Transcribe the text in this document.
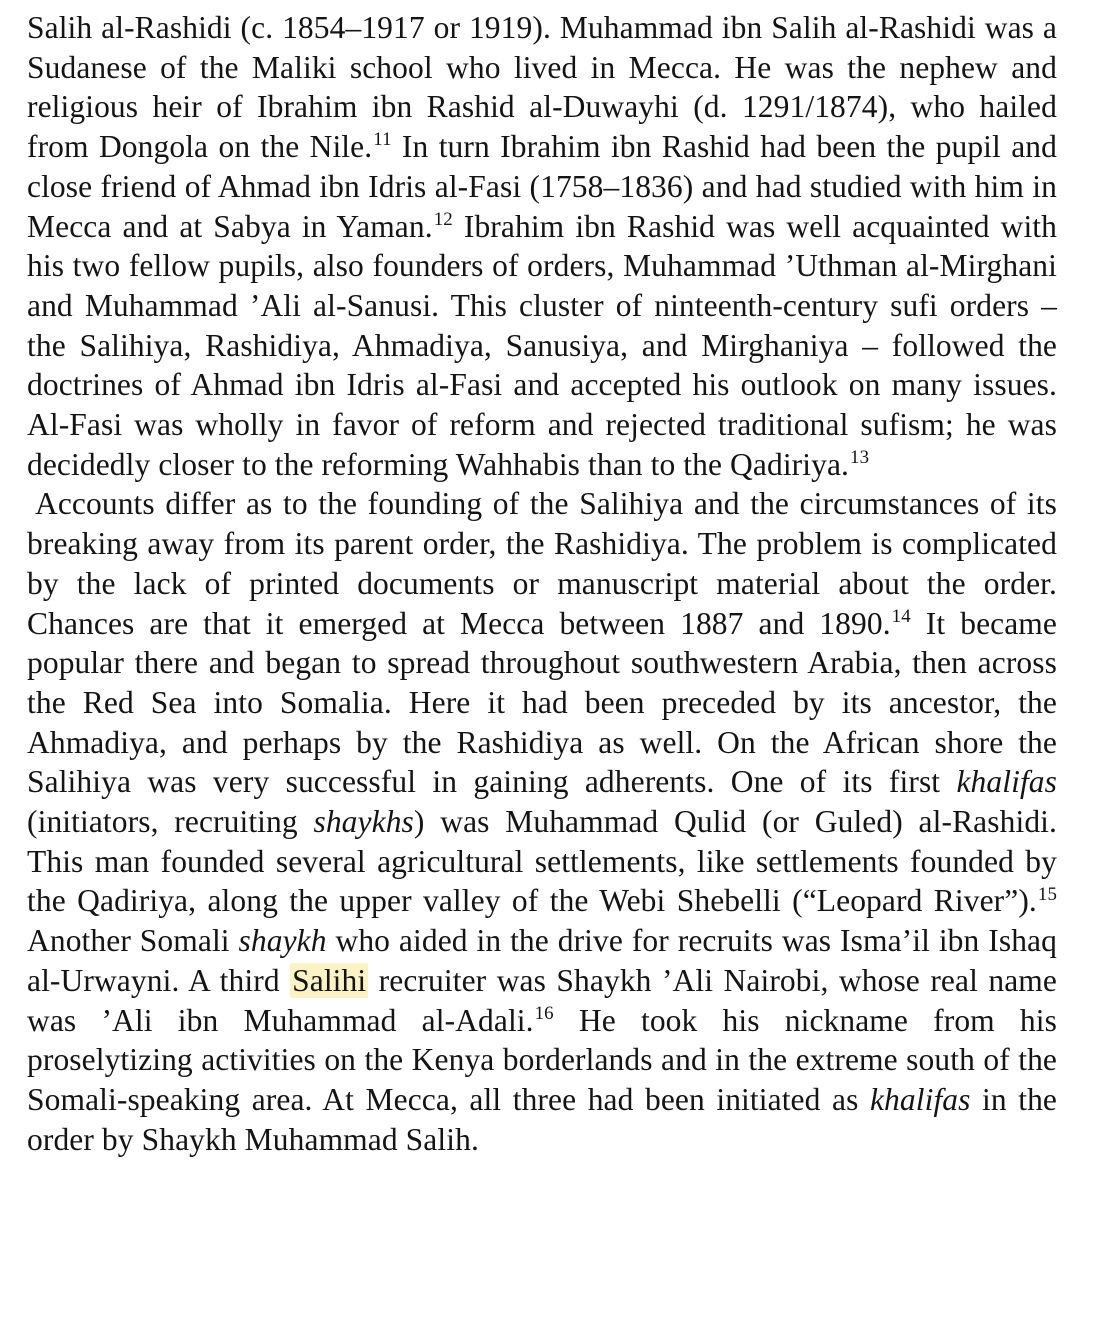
Salih al-Rashidi (c. 1854–1917 or 1919). Muhammad ibn Salih al-Rashidi was a Sudanese of the Maliki school who lived in Mecca. He was the nephew and religious heir of Ibrahim ibn Rashid al-Duwayhi (d. 1291/1874), who hailed from Dongola on the Nile.$^{11}$ In turn Ibrahim ibn Rashid had been the pupil and close friend of Ahmad ibn Idris al-Fasi (1758–1836) and had studied with him in Mecca and at Sabya in Yaman.$^{12}$ Ibrahim ibn Rashid was well acquainted with his two fellow pupils, also founders of orders, Muhammad ’Uthman al-Mirghani and Muhammad ’Ali al-Sanusi. This cluster of ninteenth-century sufi orders – the Salihiya, Rashidiya, Ahmadiya, Sanusiya, and Mirghaniya – followed the doctrines of Ahmad ibn Idris al-Fasi and accepted his outlook on many issues. Al-Fasi was wholly in favor of reform and rejected traditional sufism; he was decidedly closer to the reforming Wahhabis than to the Qadiriya.$^{13}$

Accounts differ as to the founding of the Salihiya and the circumstances of its breaking away from its parent order, the Rashidiya. The problem is complicated by the lack of printed documents or manuscript material about the order. Chances are that it emerged at Mecca between 1887 and 1890.14 It became popular there and began to spread throughout southwestern Arabia, then across the Red Sea into Somalia. Here it had been preceded by its ancestor, the Ahmadiya, and perhaps by the Rashidiya as well. On the African shore the Salihiya was very successful in gaining adherents. One of its first khalifas (initiators, recruiting shaykhs) was Muhammad Qulid (or Guled) al-Rashidi. This man founded several agricultural settlements, like settlements founded by the Qadiriya, along the upper valley of the Webi Shebelli (“Leopard River”).$^{15}$ Another Somali shaykh who aided in the drive for recruits was Isma’il ibn Ishaq al-Urwayni. A third Salihi recruiter was Shaykh ’Ali Nairobi, whose real name was ’Ali ibn Muhammad al-Adali.$^{16}$ He took his nickname from his proselytizing activities on the Kenya borderlands and in the extreme south of the Somali-speaking area. At Mecca, all three had been initiated as khalifas in the order by Shaykh Muhammad Salih.
